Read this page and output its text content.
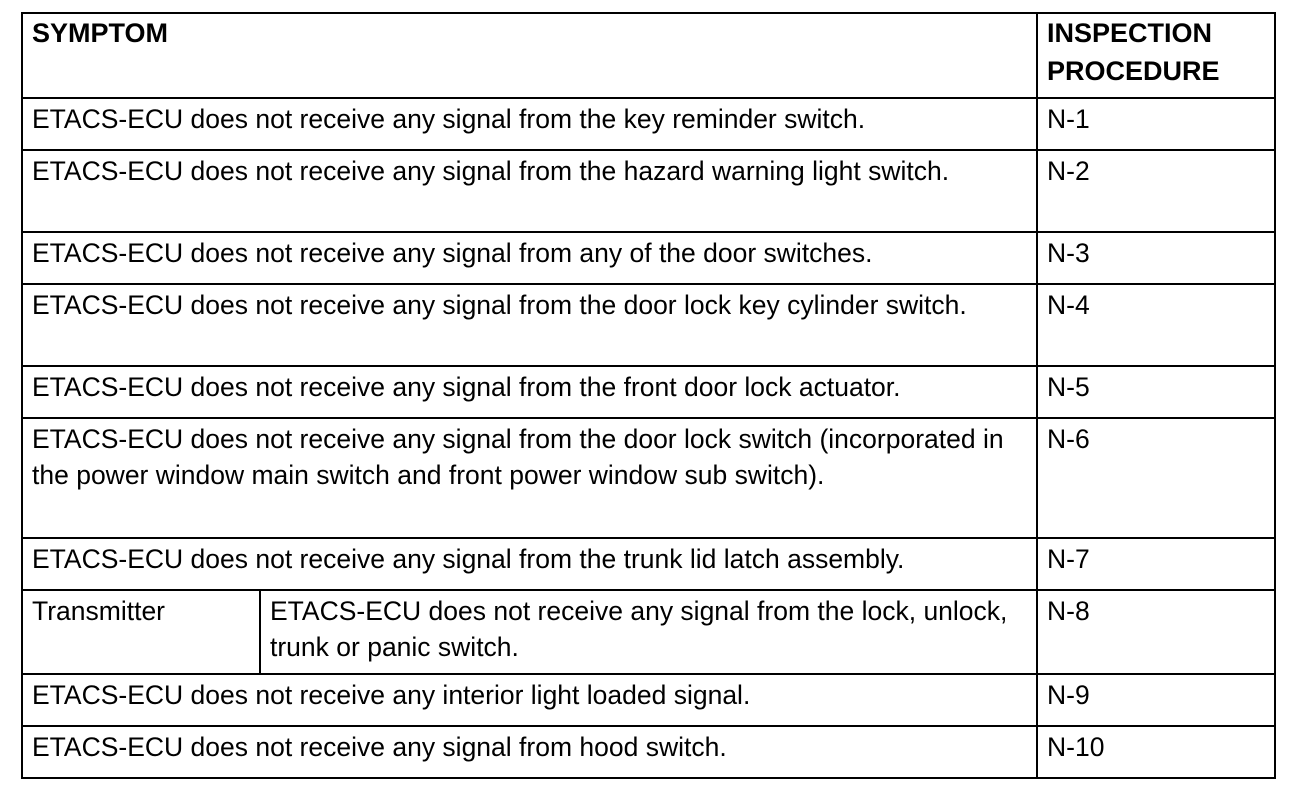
SYMPTOM		INSPECTION
PROCEDURE
ETACS-ECU does not receive any signal from the key reminder switch.		N-1
ETACS-ECU does not receive any signal from the hazard warning light switch.		N-2
ETACS-ECU does not receive any signal from any of the door switches.		N-3
ETACS-ECU does not receive any signal from the door lock key cylinder switch.		N-4
ETACS-ECU does not receive any signal from the front door lock actuator.		N-5
ETACS-ECU does not receive any signal from the door lock switch (incorporated in the power window main switch and front power window sub switch).		N-6
ETACS-ECU does not receive any signal from the trunk lid latch assembly.		N-7
Transmitter	ETACS-ECU does not receive any signal from the lock, unlock, trunk or panic switch.	N-8
ETACS-ECU does not receive any interior light loaded signal.		N-9
ETACS-ECU does not receive any signal from hood switch.		N-10
